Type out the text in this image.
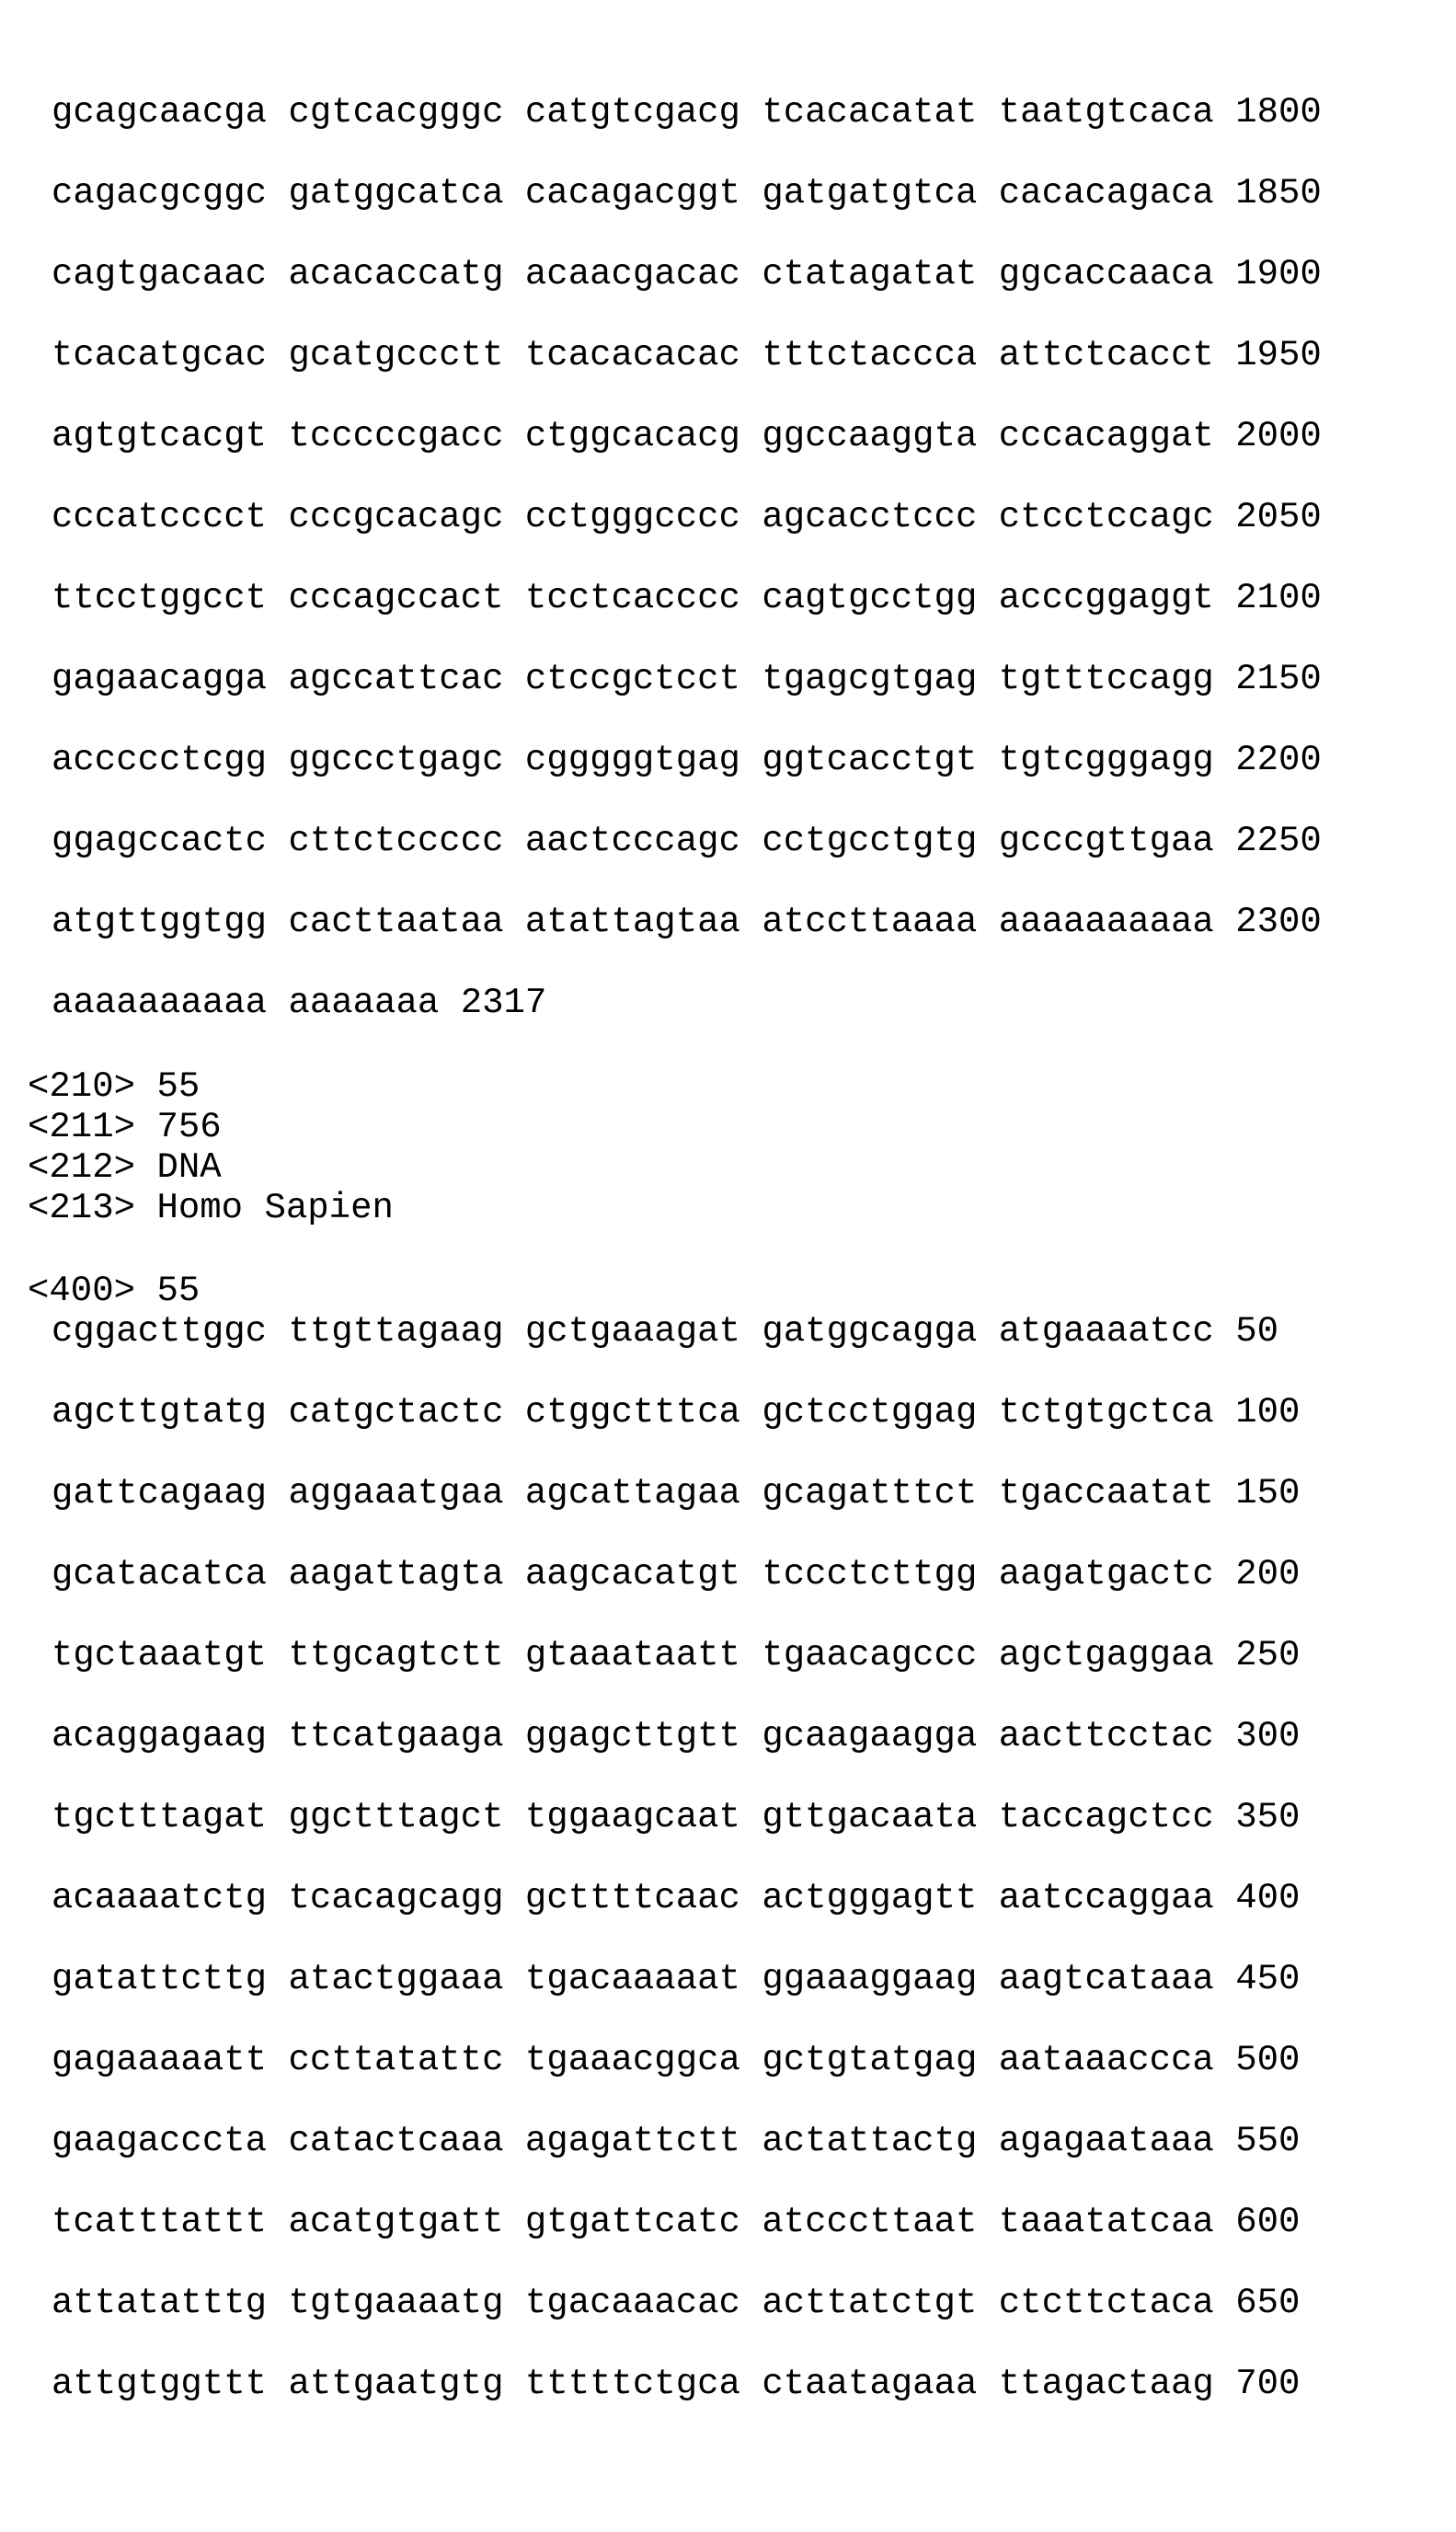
gcagcaacga cgtcacgggc catgtcgacg tcacacatat taatgtcaca 1800
cagacgcggc gatggcatca cacagacggt gatgatgtca cacacagaca 1850
cagtgacaac acacaccatg acaacgacac ctatagatat ggcaccaaca 1900
tcacatgcac gcatgccctt tcacacacac tttctaccca attctcacct 1950
agtgtcacgt tcccccgacc ctggcacacg ggccaaggta cccacaggat 2000
cccatcccct cccgcacagc cctgggcccc agcacctccc ctcctccagc 2050
ttcctggcct cccagccact tcctcacccc cagtgcctgg acccggaggt 2100
gagaacagga agccattcac ctccgctcct tgagcgtgag tgtttccagg 2150
accccctcgg ggccctgagc cgggggtgag ggtcacctgt tgtcgggagg 2200
ggagccactc cttctccccc aactcccagc cctgcctgtg gcccgttgaa 2250
atgttggtgg cacttaataa atattagtaa atccttaaaa aaaaaaaaaa 2300
aaaaaaaaaa aaaaaaa 2317
<210> 55
<211> 756
<212> DNA
<213> Homo Sapien
<400> 55
cggacttggc ttgttagaag gctgaaagat gatggcagga atgaaaatcc 50
agcttgtatg catgctactc ctggctttca gctcctggag tctgtgctca 100
gattcagaag aggaaatgaa agcattagaa gcagatttct tgaccaatat 150
gcatacatca aagattagta aagcacatgt tccctcttgg aagatgactc 200
tgctaaatgt ttgcagtctt gtaaataatt tgaacagccc agctgaggaa 250
acaggagaag ttcatgaaga ggagcttgtt gcaagaagga aacttcctac 300
tgctttagat ggctttagct tggaagcaat gttgacaata taccagctcc 350
acaaaatctg tcacagcagg gcttttcaac actgggagtt aatccaggaa 400
gatattcttg atactggaaa tgacaaaaat ggaaaggaag aagtcataaa 450
gagaaaaatt ccttatattc tgaaacggca gctgtatgag aataaaccca 500
gaagacccta catactcaaa agagattctt actattactg agagaataaa 550
tcatttattt acatgtgatt gtgattcatc atcccttaat taaatatcaa 600
attatatttg tgtgaaaatg tgacaaacac acttatctgt ctcttctaca 650
attgtggttt attgaatgtg tttttctgca ctaatagaaa ttagactaag 700
